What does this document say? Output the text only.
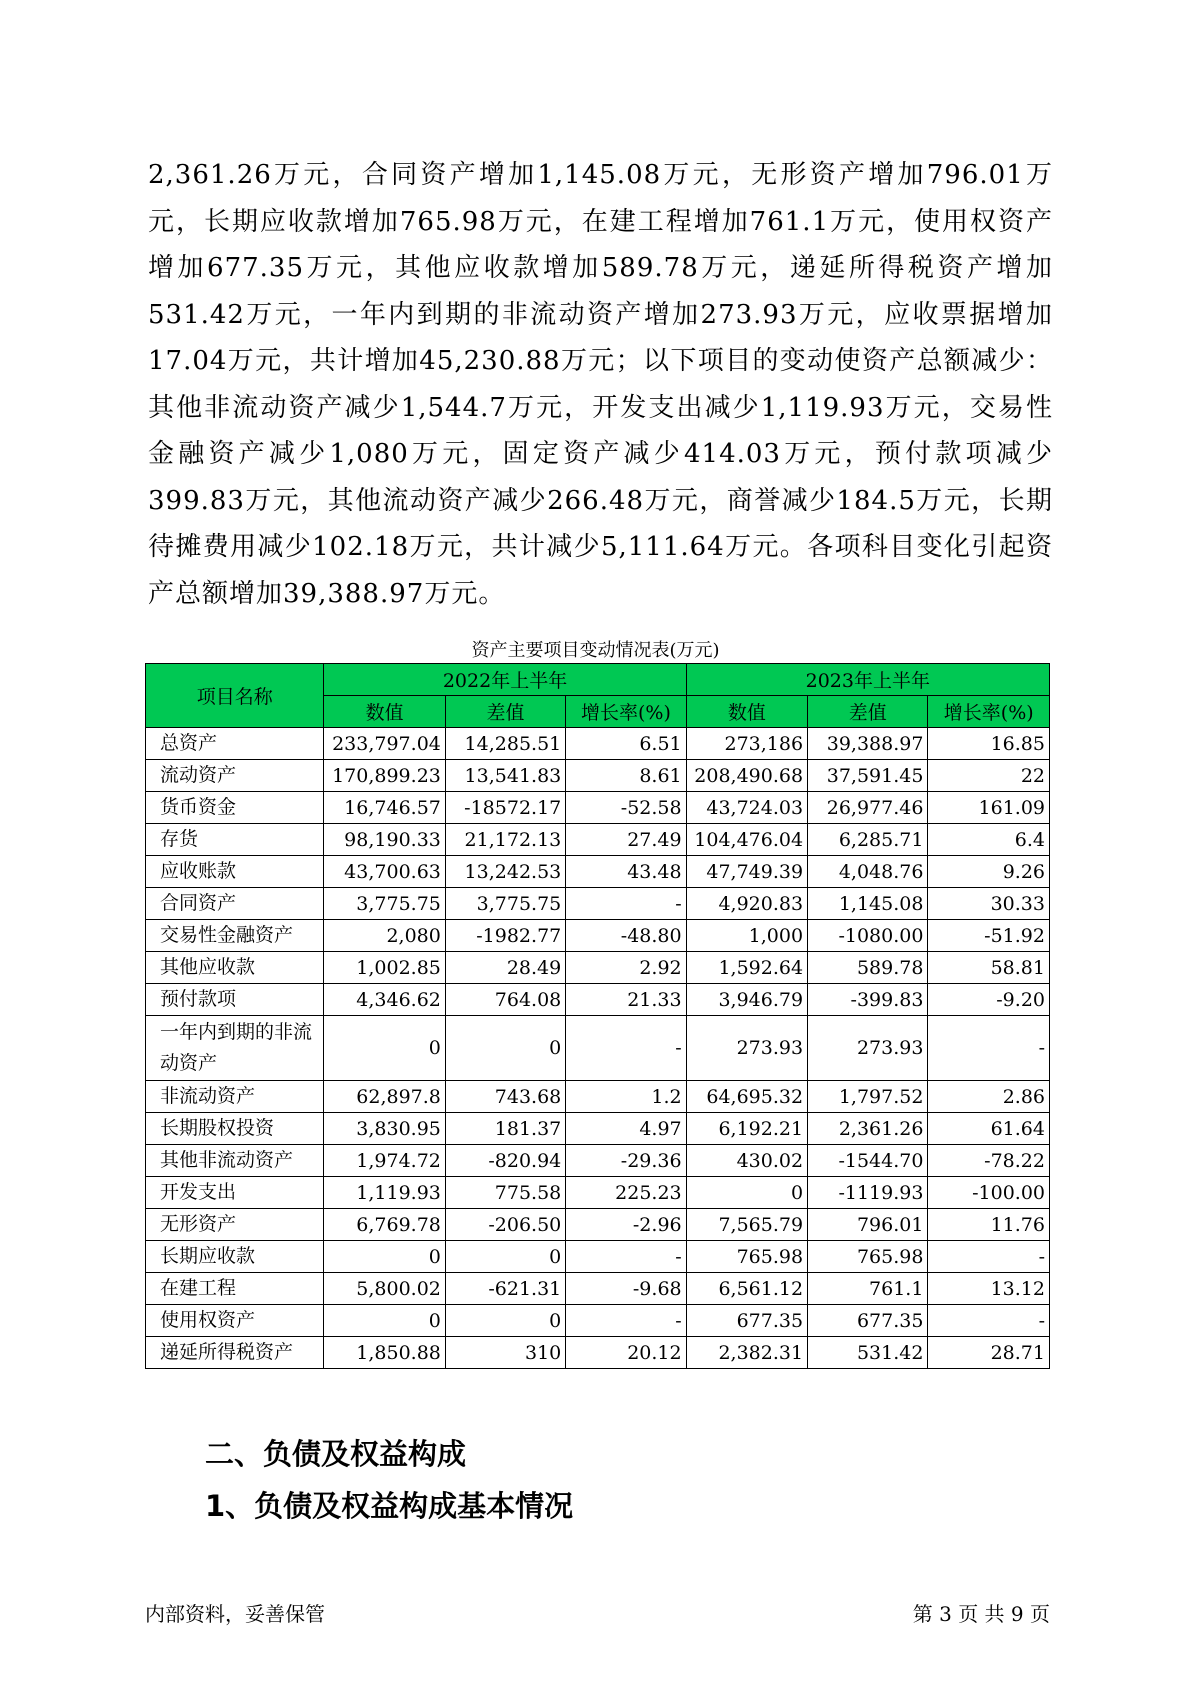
2,361.26万元，合同资产增加1,145.08万元，无形资产增加796.01万元，长期应收款增加765.98万元，在建工程增加761.1万元，使用权资产增加677.35万元，其他应收款增加589.78万元，递延所得税资产增加531.42万元，一年内到期的非流动资产增加273.93万元，应收票据增加17.04万元，共计增加45,230.88万元；以下项目的变动使资产总额减少：其他非流动资产减少1,544.7万元，开发支出减少1,119.93万元，交易性金融资产减少1,080万元，固定资产减少414.03万元，预付款项减少399.83万元，其他流动资产减少266.48万元，商誉减少184.5万元，长期待摊费用减少102.18万元，共计减少5,111.64万元。各项科目变化引起资产总额增加39,388.97万元。
资产主要项目变动情况表(万元)
项目名称	2022年上半年			2023年上半年		
	数值	差值	增长率(%)	数值	差值	增长率(%)
总资产	233,797.04	14,285.51	6.51	273,186	39,388.97	16.85
流动资产	170,899.23	13,541.83	8.61	208,490.68	37,591.45	22
货币资金	16,746.57	-18572.17	-52.58	43,724.03	26,977.46	161.09
存货	98,190.33	21,172.13	27.49	104,476.04	6,285.71	6.4
应收账款	43,700.63	13,242.53	43.48	47,749.39	4,048.76	9.26
合同资产	3,775.75	3,775.75	-	4,920.83	1,145.08	30.33
交易性金融资产	2,080	-1982.77	-48.80	1,000	-1080.00	-51.92
其他应收款	1,002.85	28.49	2.92	1,592.64	589.78	58.81
预付款项	4,346.62	764.08	21.33	3,946.79	-399.83	-9.20
一年内到期的非流动资产	0	0	-	273.93	273.93	-
非流动资产	62,897.8	743.68	1.2	64,695.32	1,797.52	2.86
长期股权投资	3,830.95	181.37	4.97	6,192.21	2,361.26	61.64
其他非流动资产	1,974.72	-820.94	-29.36	430.02	-1544.70	-78.22
开发支出	1,119.93	775.58	225.23	0	-1119.93	-100.00
无形资产	6,769.78	-206.50	-2.96	7,565.79	796.01	11.76
长期应收款	0	0	-	765.98	765.98	-
在建工程	5,800.02	-621.31	-9.68	6,561.12	761.1	13.12
使用权资产	0	0	-	677.35	677.35	-
递延所得税资产	1,850.88	310	20.12	2,382.31	531.42	28.71
二、负债及权益构成
1、负债及权益构成基本情况
内部资料，妥善保管	第 3 页 共 9 页
